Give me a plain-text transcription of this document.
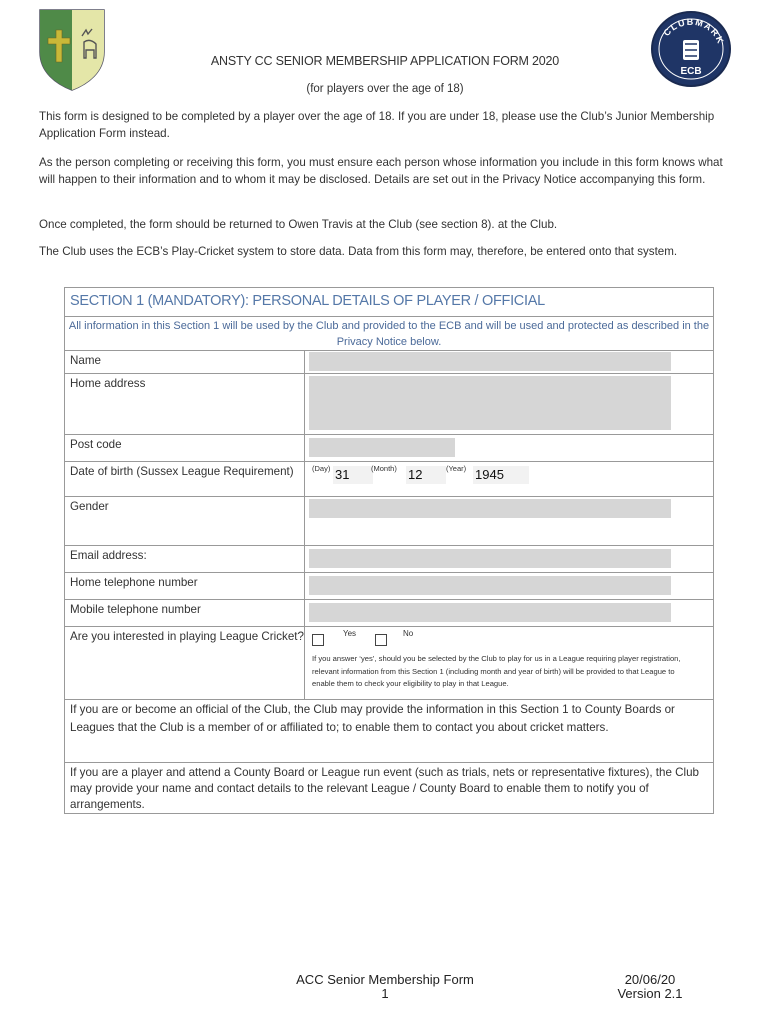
CLUBMARK
ECB
ANSTY CC SENIOR MEMBERSHIP APPLICATION FORM 2020
(for players over the age of 18)
This form is designed to be completed by a player over the age of 18. If you are under 18, please use the Club’s Junior Membership Application Form instead.
As the person completing or receiving this form, you must ensure each person whose information you include in this form knows what will happen to their information and to whom it may be disclosed. Details are set out in the Privacy Notice accompanying this form.
Once completed, the form should be returned to Owen Travis at the Club (see section 8). at the Club.
The Club uses the ECB’s Play-Cricket system to store data. Data from this form may, therefore, be entered onto that system.
SECTION 1 (MANDATORY): PERSONAL DETAILS OF PLAYER / OFFICIAL
All information in this Section 1 will be used by the Club and provided to the ECB and will be used and protected as described in the Privacy Notice below.
Name
Home address
Post code
Date of birth (Sussex League Requirement)	(Day) 31	(Month) 12	(Year) 1945
Gender
Email address:
Home telephone number
Mobile telephone number
Are you interested in playing League Cricket?	Yes	No
If you answer ‘yes’, should you be selected by the Club to play for us in a League requiring player registration, relevant information from this Section 1 (including month and year of birth) will be provided to that League to enable them to check your eligibility to play in that League.
If you are or become an official of the Club, the Club may provide the information in this Section 1 to County Boards or Leagues that the Club is a member of or affiliated to; to enable them to contact you about cricket matters.
If you are a player and attend a County Board or League run event (such as trials, nets or representative fixtures), the Club may provide your name and contact details to the relevant League / County Board to enable them to notify you of arrangements.
ACC Senior Membership Form
1
20/06/20
Version 2.1
